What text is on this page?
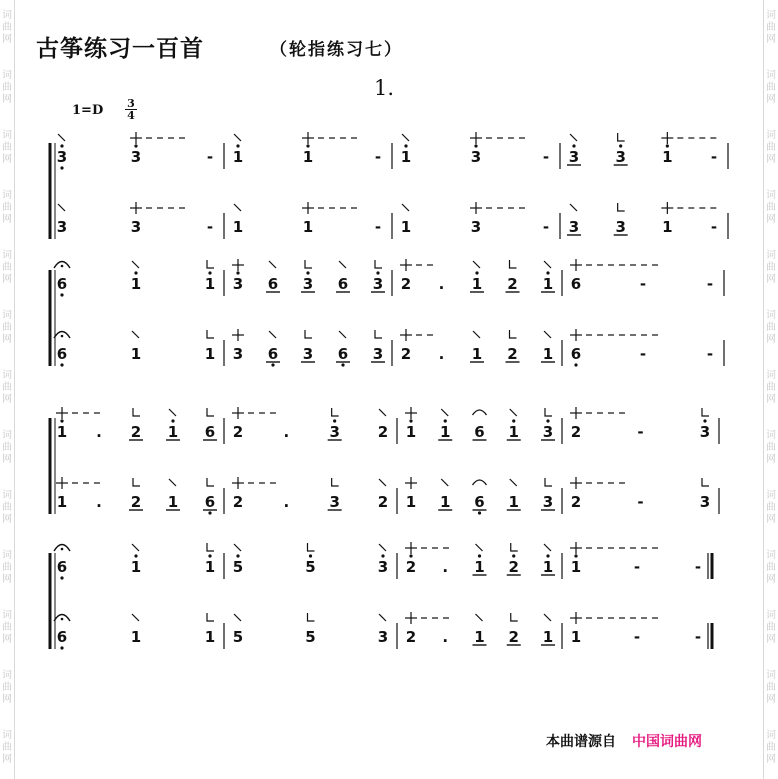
词
曲
网
词
曲
网
词
曲
网
词
曲
网
词
曲
网
词
曲
网
词
曲
网
词
曲
网
词
曲
网
词
曲
网
词
曲
网
词
曲
网
词
曲
网
词
曲
网
词
曲
网
词
曲
网
词
曲
网
词
曲
网
词
曲
网
词
曲
网
词
曲
网
词
曲
网
词
曲
网
词
曲
网
词
曲
网
词
曲
网
古筝练习一百首	（轮指练习七）
1.
1=D 3
4
3	3	- 1	1	- 1	3	- 3 3 1	-
3	3	- 1	1	- 1	3	- 3 3 1	-
6	1	1 3 6 3 6 3 2 . 1 2 1 6	-	-
6	1	1 3 6 3 6 3 2 . 1 2 1 6	-	-
1 . 2 1 6 2	.	3	2 1 1 6 1 3 2	-	3
1 . 2 1 6 2	.	3	2 1 1 6 1 3 2	-	3
6	1	1 5	5	3 2 . 1 2 1 1	-	-
6	1	1 5	5	3 2 . 1 2 1 1	-	-
本曲谱源自 中国词曲网
